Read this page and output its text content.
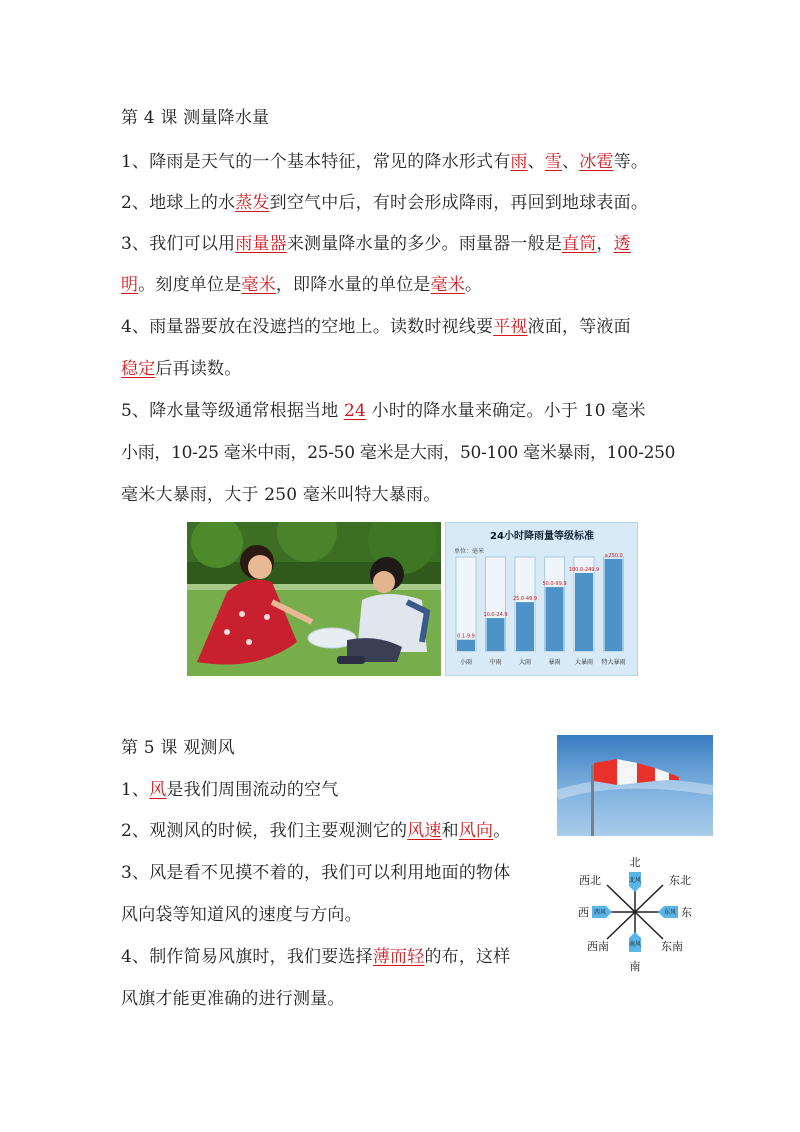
第 4 课 测量降水量
1、降雨是天气的一个基本特征，常见的降水形式有雨、雪、冰雹等。
2、地球上的水蒸发到空气中后，有时会形成降雨，再回到地球表面。
3、我们可以用雨量器来测量降水量的多少。雨量器一般是直筒，透
明。刻度单位是毫米，即降水量的单位是毫米。
4、雨量器要放在没遮挡的空地上。读数时视线要平视液面，等液面
稳定后再读数。
5、降水量等级通常根据当地 24 小时的降水量来确定。小于 10 毫米
小雨，10-25 毫米中雨，25-50 毫米是大雨，50-100 毫米暴雨，100-250
毫米大暴雨，大于 250 毫米叫特大暴雨。
24小时降雨量等级标准
单位：毫米
0.1-9.9
小雨
10.0-24.9
中雨
25.0-49.9
大雨
50.0-99.9
暴雨
100.0-249.9
大暴雨
≥250.0
特大暴雨
第 5 课 观测风
1、风是我们周围流动的空气
2、观测风的时候，我们主要观测它的风速和风向。
3、风是看不见摸不着的，我们可以利用地面的物体
风向袋等知道风的速度与方向。
4、制作简易风旗时，我们要选择薄而轻的布，这样
风旗才能更准确的进行测量。
北
北风
南
南风
东
东风
西 西风
东北
西北
东南
西南
